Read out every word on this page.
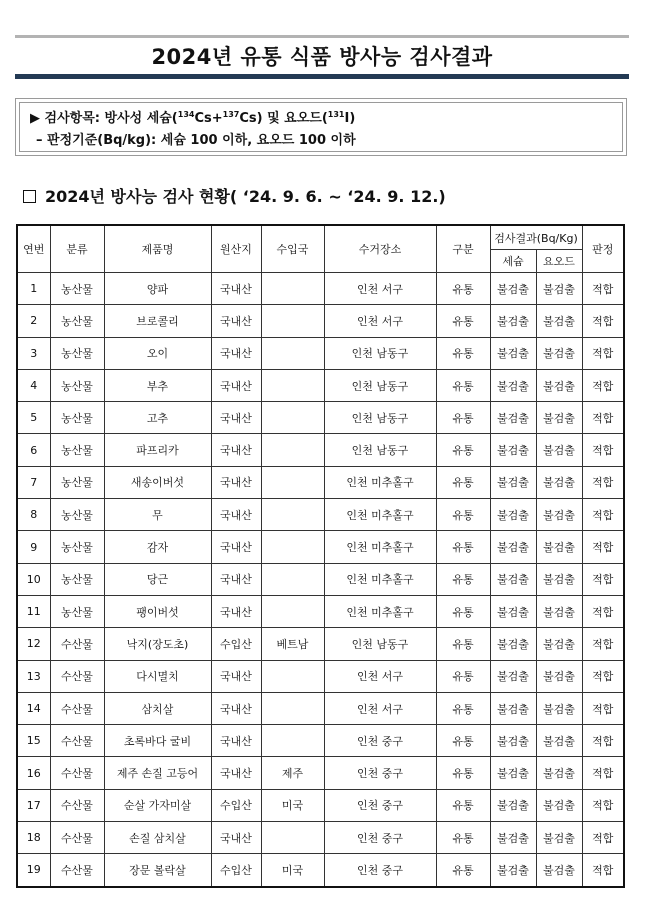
2024년 유통 식품 방사능 검사결과
▶ 검사항목: 방사성 세슘($^{134}$Cs+$^{137}$Cs) 및 요오드($^{131}$I)
– 판정기준(Bq/kg): 세슘 100 이하, 요오드 100 이하
2024년 방사능 검사 현황( ‘24. 9. 6. ~ ‘24. 9. 12.)
연번	분류	제품명	원산지	수입국	수거장소	구분	검사결과(Bq/Kg)		판정
							세슘	요오드	
1	농산물	양파	국내산		인천 서구	유통	불검출	불검출	적합
2	농산물	브로콜리	국내산		인천 서구	유통	불검출	불검출	적합
3	농산물	오이	국내산		인천 남동구	유통	불검출	불검출	적합
4	농산물	부추	국내산		인천 남동구	유통	불검출	불검출	적합
5	농산물	고추	국내산		인천 남동구	유통	불검출	불검출	적합
6	농산물	파프리카	국내산		인천 남동구	유통	불검출	불검출	적합
7	농산물	새송이버섯	국내산		인천 미추홀구	유통	불검출	불검출	적합
8	농산물	무	국내산		인천 미추홀구	유통	불검출	불검출	적합
9	농산물	감자	국내산		인천 미추홀구	유통	불검출	불검출	적합
10	농산물	당근	국내산		인천 미추홀구	유통	불검출	불검출	적합
11	농산물	팽이버섯	국내산		인천 미추홀구	유통	불검출	불검출	적합
12	수산물	낙지(장도초)	수입산	베트남	인천 남동구	유통	불검출	불검출	적합
13	수산물	다시멸치	국내산		인천 서구	유통	불검출	불검출	적합
14	수산물	삼치살	국내산		인천 서구	유통	불검출	불검출	적합
15	수산물	초록바다 굴비	국내산		인천 중구	유통	불검출	불검출	적합
16	수산물	제주 손질 고등어	국내산	제주	인천 중구	유통	불검출	불검출	적합
17	수산물	순살 가자미살	수입산	미국	인천 중구	유통	불검출	불검출	적합
18	수산물	손질 삼치살	국내산		인천 중구	유통	불검출	불검출	적합
19	수산물	장문 볼락살	수입산	미국	인천 중구	유통	불검출	불검출	적합
